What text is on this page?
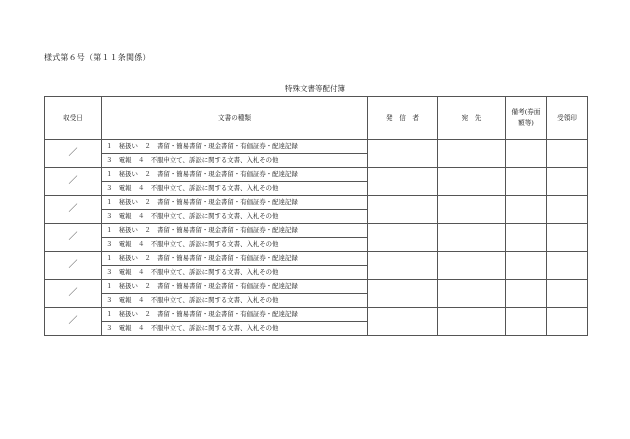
様式第６号（第１１条関係）
特殊文書等配付簿
収受日	文書の種類	発　信　者	宛　先	備考(券面額等)	受領印
／	１　秘扱い　２　書留・簡易書留・現金書留・有価証券・配達記録				
	３　電報　４　不服申立て、訴訟に関する文書、入札その他				
／	１　秘扱い　２　書留・簡易書留・現金書留・有価証券・配達記録				
	３　電報　４　不服申立て、訴訟に関する文書、入札その他				
／	１　秘扱い　２　書留・簡易書留・現金書留・有価証券・配達記録				
	３　電報　４　不服申立て、訴訟に関する文書、入札その他				
／	１　秘扱い　２　書留・簡易書留・現金書留・有価証券・配達記録				
	３　電報　４　不服申立て、訴訟に関する文書、入札その他				
／	１　秘扱い　２　書留・簡易書留・現金書留・有価証券・配達記録				
	３　電報　４　不服申立て、訴訟に関する文書、入札その他				
／	１　秘扱い　２　書留・簡易書留・現金書留・有価証券・配達記録				
	３　電報　４　不服申立て、訴訟に関する文書、入札その他				
／	１　秘扱い　２　書留・簡易書留・現金書留・有価証券・配達記録				
	３　電報　４　不服申立て、訴訟に関する文書、入札その他				
